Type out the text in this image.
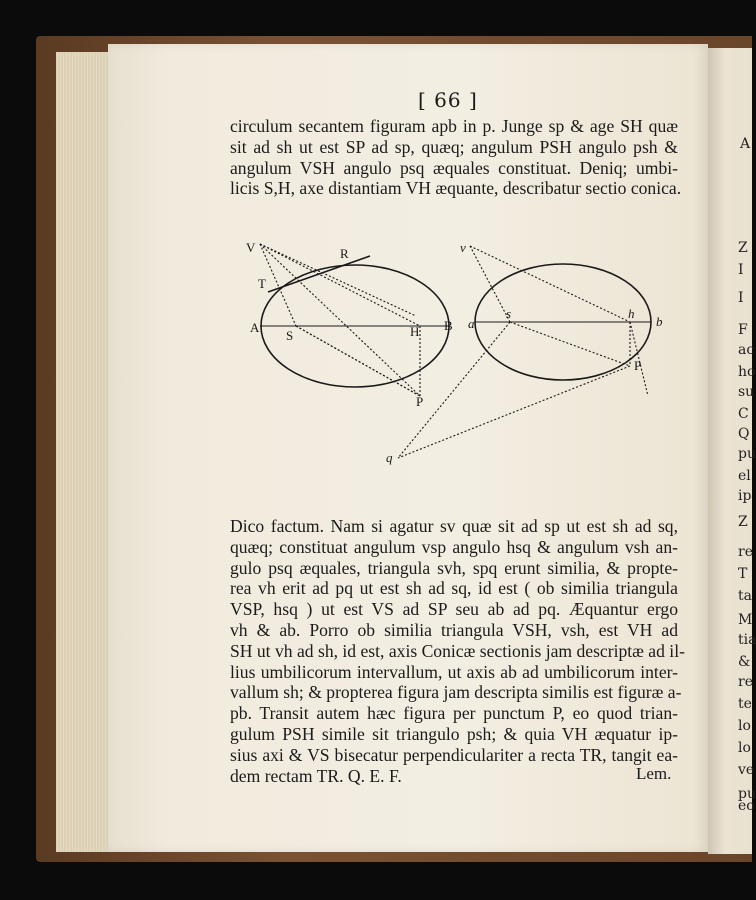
A
Z
I
I
F
ac
ho
su
C
Q
pu
el
ip
Z
re
T
ta
M
tia
&
re
te
lo
lo
ve
pu
eo
[ 66 ]
circulum secantem figuram apb in p. Junge sp & age SH quæ
sit ad sh ut est SP ad sp, quæq; angulum PSH angulo psh &
angulum VSH angulo psq æquales constituat. Deniq; umbi-
licis S,H, axe distantiam VH æquante, describatur sectio conica.
V	R
T
A
S	H B
P
v
a
s	h
b
P
q
Dico factum. Nam si agatur sv quæ sit ad sp ut est sh ad sq,
quæq; constituat angulum vsp angulo hsq & angulum vsh an-
gulo psq æquales, triangula svh, spq erunt similia, & propte-
rea vh erit ad pq ut est sh ad sq, id est ( ob similia triangula
VSP, hsq ) ut est VS ad SP seu ab ad pq. Æquantur ergo
vh & ab. Porro ob similia triangula VSH, vsh, est VH ad
SH ut vh ad sh, id est, axis Conicæ sectionis jam descriptæ ad il-
lius umbilicorum intervallum, ut axis ab ad umbilicorum inter-
vallum sh; & propterea figura jam descripta similis est figuræ a-
pb. Transit autem hæc figura per punctum P, eo quod trian-
gulum PSH simile sit triangulo psh; & quia VH æquatur ip-
sius axi & VS bisecatur perpendiculariter a recta TR, tangit ea-
dem rectam TR. Q. E. F.	Lem.
